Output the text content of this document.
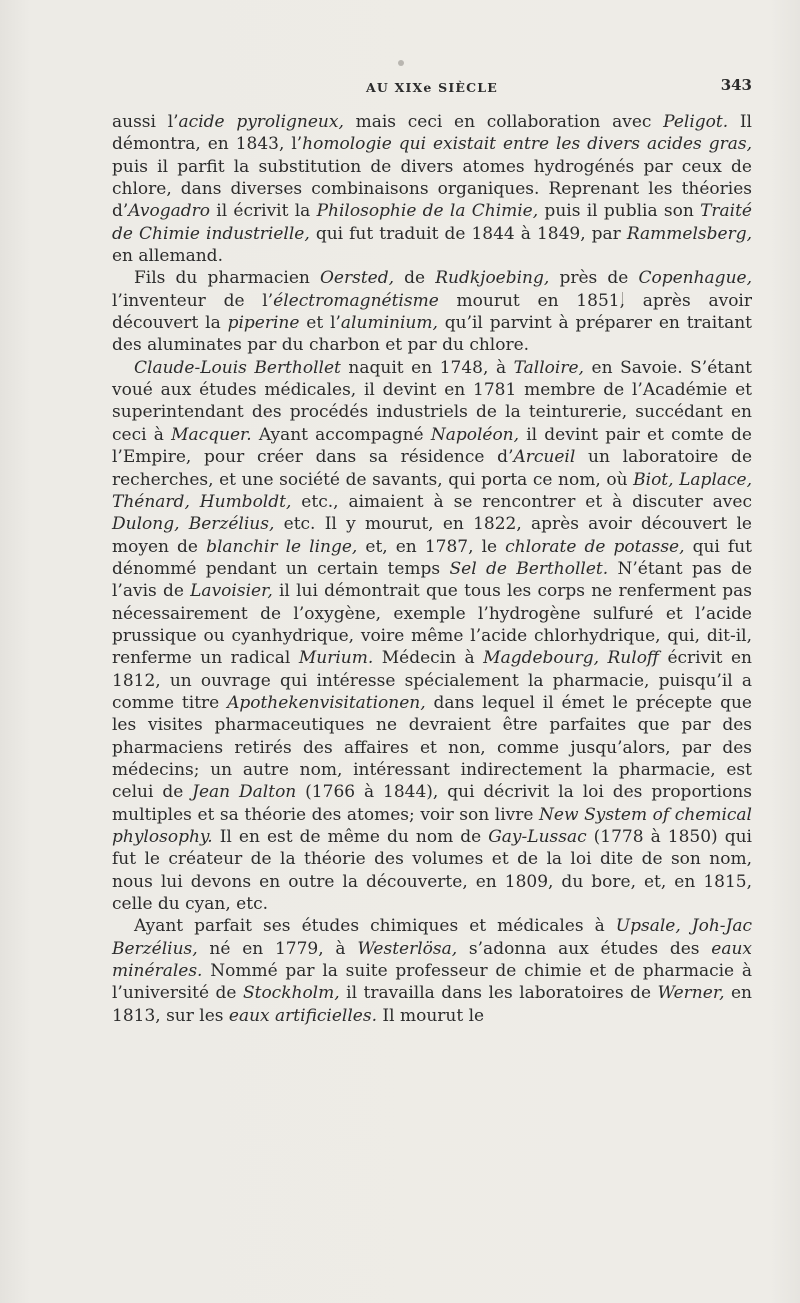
AU XIXe SIÈCLE	343

aussi l’acide pyroligneux, mais ceci en collaboration avec Peligot. Il démontra, en 1843, l’homologie qui existait entre les divers acides gras, puis il parfit la substitution de divers atomes hydrogénés par ceux de chlore, dans diverses combinaisons organiques. Reprenant les théories d’Avogadro il écrivit la Philosophie de la Chimie, puis il publia son Traité de Chimie industrielle, qui fut traduit de 1844 à 1849, par Rammelsberg, en allemand.

Fils du pharmacien Oersted, de Rudkjoebing, près de Copenhague, l’inventeur de l’électromagnétisme mourut en 1851, après avoir découvert la piperine et l’aluminium, qu’il parvint à préparer en traitant des aluminates par du charbon et par du chlore.

Claude-Louis Berthollet naquit en 1748, à Talloire, en Savoie. S’étant voué aux études médicales, il devint en 1781 membre de l’Académie et superintendant des procédés industriels de la teinturerie, succédant en ceci à Macquer. Ayant accompagné Napoléon, il devint pair et comte de l’Empire, pour créer dans sa résidence d’Arcueil un laboratoire de recherches, et une société de savants, qui porta ce nom, où Biot, Laplace, Thénard, Humboldt, etc., aimaient à se rencontrer et à discuter avec Dulong, Berzélius, etc. Il y mourut, en 1822, après avoir découvert le moyen de blanchir le linge, et, en 1787, le chlorate de potasse, qui fut dénommé pendant un certain temps Sel de Berthollet. N’étant pas de l’avis de Lavoisier, il lui démontrait que tous les corps ne renferment pas nécessairement de l’oxygène, exemple l’hydrogène sulfuré et l’acide prussique ou cyanhydrique, voire même l’acide chlorhydrique, qui, dit-il, renferme un radical Murium. Médecin à Magdebourg, Ruloff écrivit en 1812, un ouvrage qui intéresse spécialement la pharmacie, puisqu’il a comme titre Apothekenvisitationen, dans lequel il émet le précepte que les visites pharmaceutiques ne devraient être parfaites que par des pharmaciens retirés des affaires et non, comme jusqu’alors, par des médecins; un autre nom, intéressant indirectement la pharmacie, est celui de Jean Dalton (1766 à 1844), qui décrivit la loi des proportions multiples et sa théorie des atomes; voir son livre New System of chemical phylosophy. Il en est de même du nom de Gay-Lussac (1778 à 1850) qui fut le créateur de la théorie des volumes et de la loi dite de son nom, nous lui devons en outre la découverte, en 1809, du bore, et, en 1815, celle du cyan, etc.

Ayant parfait ses études chimiques et médicales à Upsale, Joh-Jac Berzélius, né en 1779, à Westerlösa, s’adonna aux études des eaux minérales. Nommé par la suite professeur de chimie et de pharmacie à l’université de Stockholm, il travailla dans les laboratoires de Werner, en 1813, sur les eaux artificielles. Il mourut le
